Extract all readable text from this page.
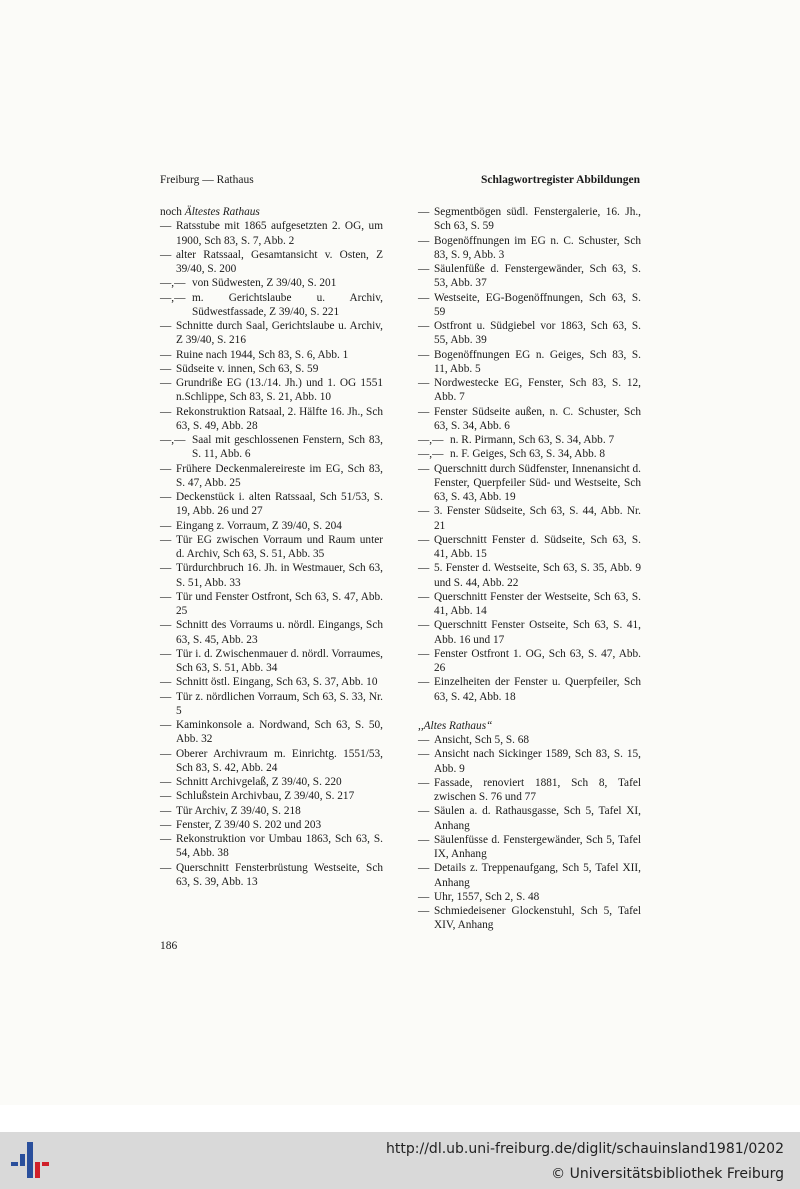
Freiburg — Rathaus	Schlagwortregister Abbildungen
noch Ältestes Rathaus
— Ratsstube mit 1865 aufgesetzten 2. OG, um 1900, Sch 83, S. 7, Abb. 2
— alter Ratssaal, Gesamtansicht v. Osten, Z 39/40, S. 200
—,— von Südwesten, Z 39/40, S. 201
—,— m. Gerichtslaube u. Archiv, Südwestfassade, Z 39/40, S. 221
— Schnitte durch Saal, Gerichtslaube u. Archiv, Z 39/40, S. 216
— Ruine nach 1944, Sch 83, S. 6, Abb. 1
— Südseite v. innen, Sch 63, S. 59
— Grundriße EG (13./14. Jh.) und 1. OG 1551 n.Schlippe, Sch 83, S. 21, Abb. 10
— Rekonstruktion Ratsaal, 2. Hälfte 16. Jh., Sch 63, S. 49, Abb. 28
—,— Saal mit geschlossenen Fenstern, Sch 83, S. 11, Abb. 6
— Frühere Deckenmalereireste im EG, Sch 83, S. 47, Abb. 25
— Deckenstück i. alten Ratssaal, Sch 51/53, S. 19, Abb. 26 und 27
— Eingang z. Vorraum, Z 39/40, S. 204
— Tür EG zwischen Vorraum und Raum unter d. Archiv, Sch 63, S. 51, Abb. 35
— Türdurchbruch 16. Jh. in Westmauer, Sch 63, S. 51, Abb. 33
— Tür und Fenster Ostfront, Sch 63, S. 47, Abb. 25
— Schnitt des Vorraums u. nördl. Eingangs, Sch 63, S. 45, Abb. 23
— Tür i. d. Zwischenmauer d. nördl. Vorraumes, Sch 63, S. 51, Abb. 34
— Schnitt östl. Eingang, Sch 63, S. 37, Abb. 10
— Tür z. nördlichen Vorraum, Sch 63, S. 33, Nr. 5
— Kaminkonsole a. Nordwand, Sch 63, S. 50, Abb. 32
— Oberer Archivraum m. Einrichtg. 1551/53, Sch 83, S. 42, Abb. 24
— Schnitt Archivgelaß, Z 39/40, S. 220
— Schlußstein Archivbau, Z 39/40, S. 217
— Tür Archiv, Z 39/40, S. 218
— Fenster, Z 39/40 S. 202 und 203
— Rekonstruktion vor Umbau 1863, Sch 63, S. 54, Abb. 38
— Querschnitt Fensterbrüstung Westseite, Sch 63, S. 39, Abb. 13
— Segmentbögen südl. Fenstergalerie, 16. Jh., Sch 63, S. 59
— Bogenöffnungen im EG n. C. Schuster, Sch 83, S. 9, Abb. 3
— Säulenfüße d. Fenstergewänder, Sch 63, S. 53, Abb. 37
— Westseite, EG-Bogenöffnungen, Sch 63, S. 59
— Ostfront u. Südgiebel vor 1863, Sch 63, S. 55, Abb. 39
— Bogenöffnungen EG n. Geiges, Sch 83, S. 11, Abb. 5
— Nordwestecke EG, Fenster, Sch 83, S. 12, Abb. 7
— Fenster Südseite außen, n. C. Schuster, Sch 63, S. 34, Abb. 6
—,— n. R. Pirmann, Sch 63, S. 34, Abb. 7
—,— n. F. Geiges, Sch 63, S. 34, Abb. 8
— Querschnitt durch Südfenster, Innenansicht d. Fenster, Querpfeiler Süd- und Westseite, Sch 63, S. 43, Abb. 19
— 3. Fenster Südseite, Sch 63, S. 44, Abb. Nr. 21
— Querschnitt Fenster d. Südseite, Sch 63, S. 41, Abb. 15
— 5. Fenster d. Westseite, Sch 63, S. 35, Abb. 9 und S. 44, Abb. 22
— Querschnitt Fenster der Westseite, Sch 63, S. 41, Abb. 14
— Querschnitt Fenster Ostseite, Sch 63, S. 41, Abb. 16 und 17
— Fenster Ostfront 1. OG, Sch 63, S. 47, Abb. 26
— Einzelheiten der Fenster u. Querpfeiler, Sch 63, S. 42, Abb. 18
,,Altes Rathaus“
— Ansicht, Sch 5, S. 68
— Ansicht nach Sickinger 1589, Sch 83, S. 15, Abb. 9
— Fassade, renoviert 1881, Sch 8, Tafel zwischen S. 76 und 77
— Säulen a. d. Rathausgasse, Sch 5, Tafel XI, Anhang
— Säulenfüsse d. Fenstergewänder, Sch 5, Tafel IX, Anhang
— Details z. Treppenaufgang, Sch 5, Tafel XII, Anhang
— Uhr, 1557, Sch 2, S. 48
— Schmiedeisener Glockenstuhl, Sch 5, Tafel XIV, Anhang
186
http://dl.ub.uni-freiburg.de/diglit/schauinsland1981/0202
© Universitätsbibliothek Freiburg
